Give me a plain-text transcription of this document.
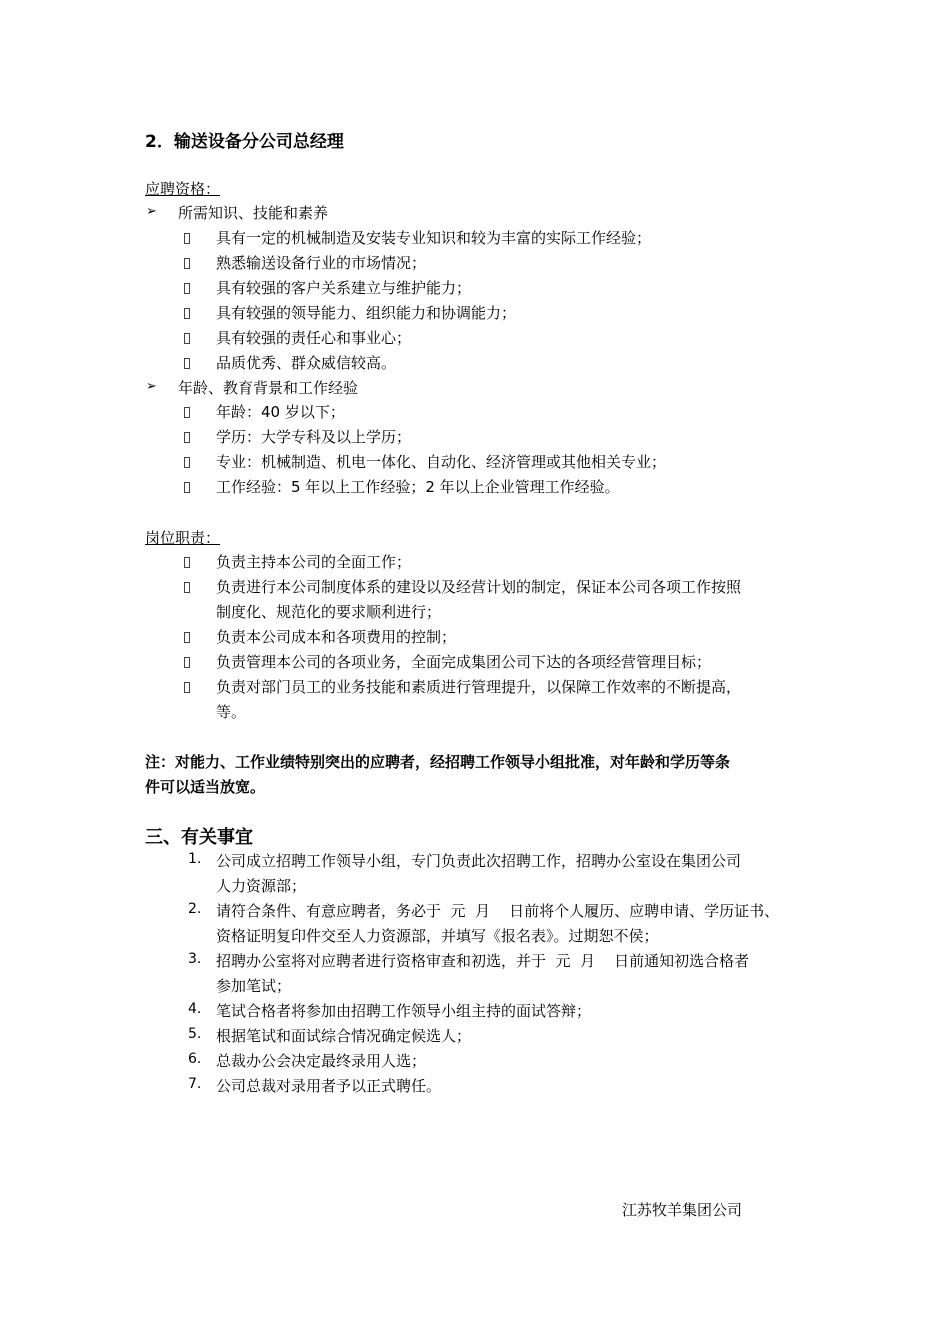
2．输送设备分公司总经理
应聘资格：
➢ 所需知识、技能和素养
具有一定的机械制造及安装专业知识和较为丰富的实际工作经验；
熟悉输送设备行业的市场情况；
具有较强的客户关系建立与维护能力；
具有较强的领导能力、组织能力和协调能力；
具有较强的责任心和事业心；
品质优秀、群众威信较高。
➢ 年龄、教育背景和工作经验
年龄：40 岁以下；
学历：大学专科及以上学历；
专业：机械制造、机电一体化、自动化、经济管理或其他相关专业；
工作经验：5 年以上工作经验；2 年以上企业管理工作经验。
岗位职责：
负责主持本公司的全面工作；
负责进行本公司制度体系的建设以及经营计划的制定，保证本公司各项工作按照
制度化、规范化的要求顺利进行；
负责本公司成本和各项费用的控制；
负责管理本公司的各项业务，全面完成集团公司下达的各项经营管理目标；
负责对部门员工的业务技能和素质进行管理提升，以保障工作效率的不断提高，
等。
注：对能力、工作业绩特别突出的应聘者，经招聘工作领导小组批准，对年龄和学历等条
件可以适当放宽。
三、有关事宜
1. 公司成立招聘工作领导小组，专门负责此次招聘工作，招聘办公室设在集团公司
人力资源部；
2. 请符合条件、有意应聘者，务必于  元  月    日前将个人履历、应聘申请、学历证书、
资格证明复印件交至人力资源部，并填写《报名表》。过期恕不侯；
3. 招聘办公室将对应聘者进行资格审查和初选，并于  元  月    日前通知初选合格者
参加笔试；
4. 笔试合格者将参加由招聘工作领导小组主持的面试答辩；
5. 根据笔试和面试综合情况确定候选人；
6. 总裁办公会决定最终录用人选；
7. 公司总裁对录用者予以正式聘任。
江苏牧羊集团公司
